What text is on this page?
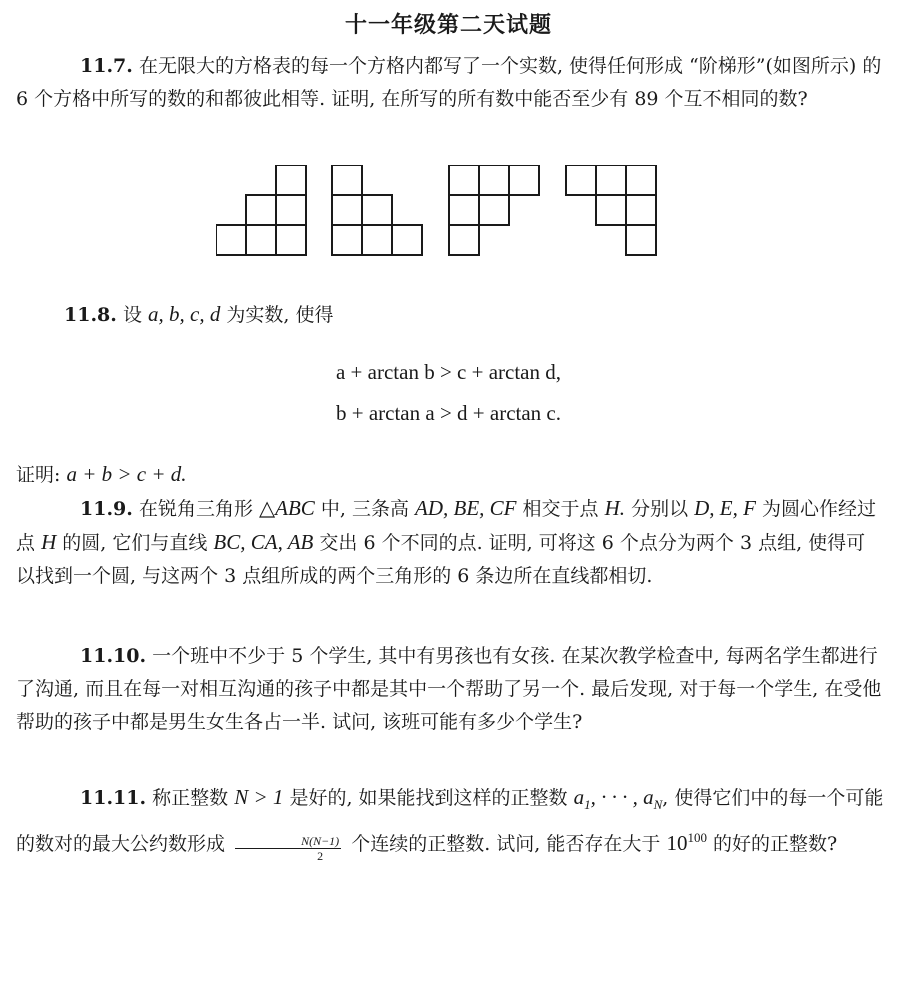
十一年级第二天试题
11.7. 在无限大的方格表的每一个方格内都写了一个实数, 使得任何形成 “阶梯形”(如图所示) 的 6 个方格中所写的数的和都彼此相等. 证明, 在所写的所有数中能否至少有 89 个互不相同的数?
11.8. 设 a, b, c, d 为实数, 使得
a + arctan b > c + arctan d,
b + arctan a > d + arctan c.
证明: a + b > c + d.
11.9. 在锐角三角形 △ABC 中, 三条高 AD, BE, CF 相交于点 H. 分别以 D, E, F 为圆心作经过点 H 的圆, 它们与直线 BC, CA, AB 交出 6 个不同的点. 证明, 可将这 6 个点分为两个 3 点组, 使得可以找到一个圆, 与这两个 3 点组所成的两个三角形的 6 条边所在直线都相切.
11.10. 一个班中不少于 5 个学生, 其中有男孩也有女孩. 在某次教学检查中, 每两名学生都进行了沟通, 而且在每一对相互沟通的孩子中都是其中一个帮助了另一个. 最后发现, 对于每一个学生, 在受他帮助的孩子中都是男生女生各占一半. 试问, 该班可能有多少个学生?
11.11. 称正整数 N > 1 是好的, 如果能找到这样的正整数 $a_1$, · · · , $a_N$, 使得它们中的每一个可能的数对的最大公约数形成 $\frac{N(N-1)}{2}$ 个连续的正整数. 试问, 能否存在大于 $10^{100}$ 的好的正整数?
